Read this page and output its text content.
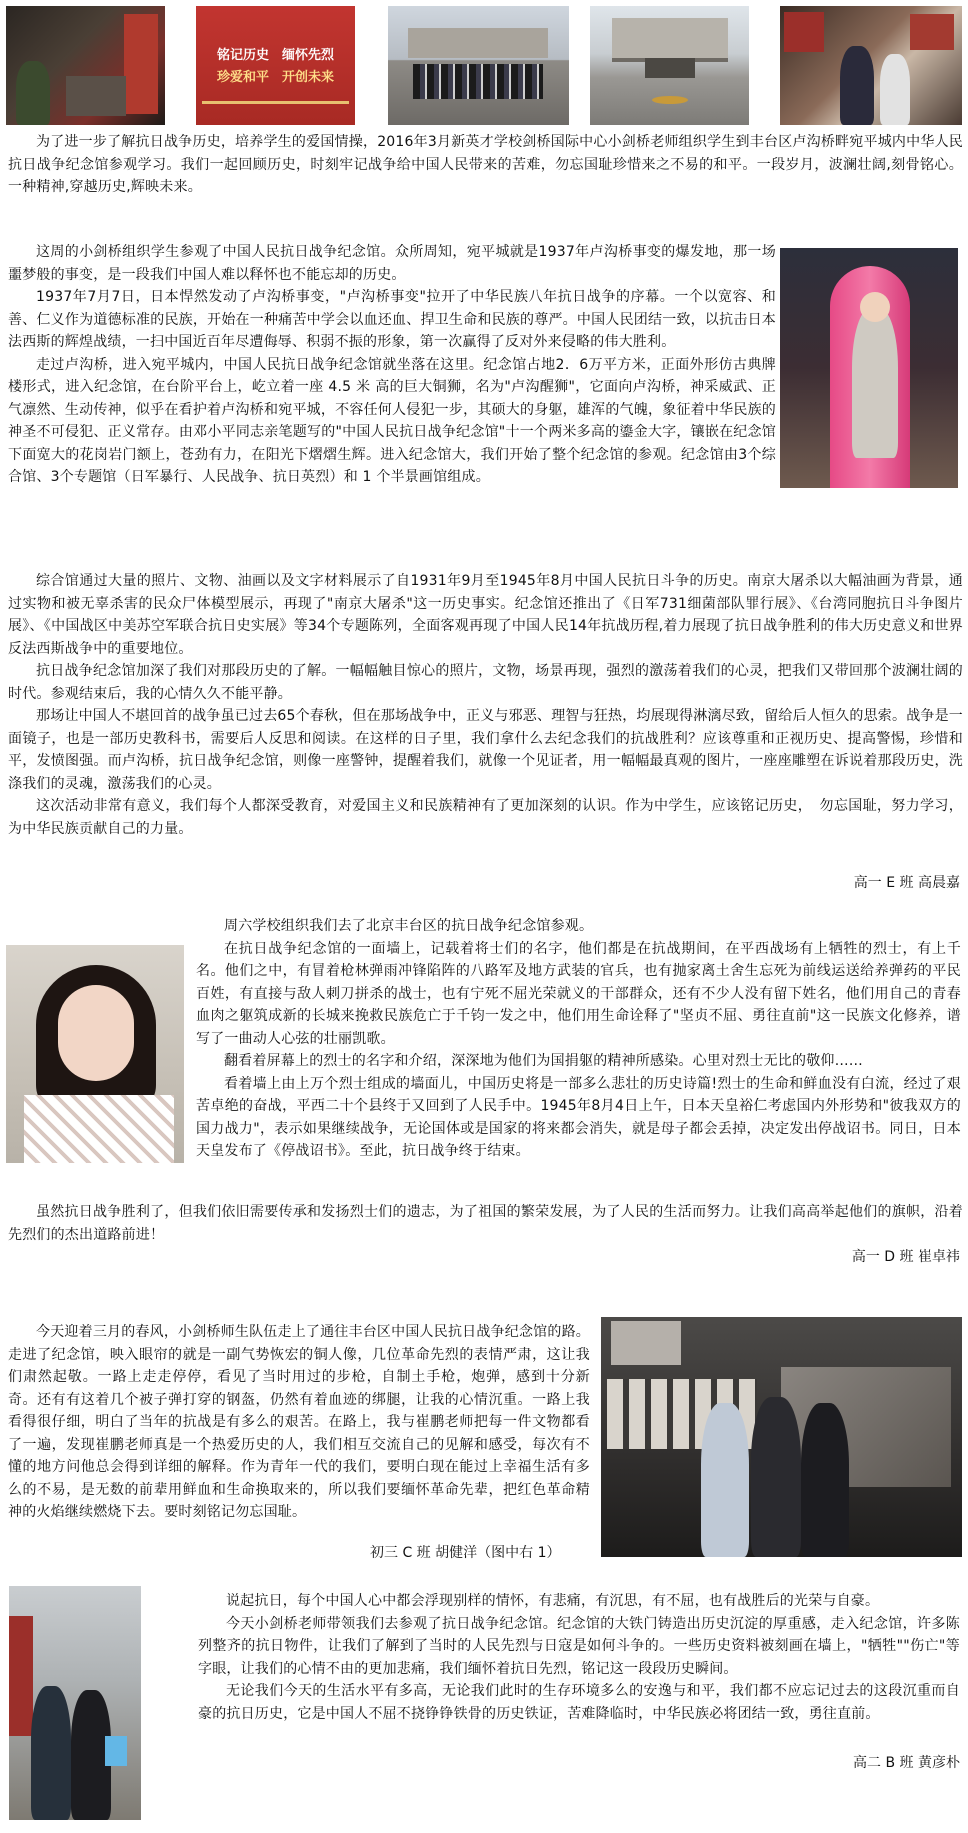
铭记历史　缅怀先烈
珍爱和平　开创未来

为了进一步了解抗日战争历史，培养学生的爱国情操，2016年3月新英才学校剑桥国际中心小剑桥老师组织学生到丰台区卢沟桥畔宛平城内中华人民抗日战争纪念馆参观学习。我们一起回顾历史，时刻牢记战争给中国人民带来的苦难，勿忘国耻珍惜来之不易的和平。一段岁月，波澜壮阔,刻骨铭心。 一种精神,穿越历史,辉映未来。

这周的小剑桥组织学生参观了中国人民抗日战争纪念馆。众所周知，宛平城就是1937年卢沟桥事变的爆发地，那一场噩梦般的事变，是一段我们中国人难以释怀也不能忘却的历史。

1937年7月7日，日本悍然发动了卢沟桥事变，"卢沟桥事变"拉开了中华民族八年抗日战争的序幕。一个以宽容、和善、仁义作为道德标准的民族，开始在一种痛苦中学会以血还血、捍卫生命和民族的尊严。中国人民团结一致，以抗击日本法西斯的辉煌战绩，一扫中国近百年尽遭侮辱、积弱不振的形象，第一次赢得了反对外来侵略的伟大胜利。

走过卢沟桥，进入宛平城内，中国人民抗日战争纪念馆就坐落在这里。纪念馆占地2．6万平方米，正面外形仿古典牌楼形式，进入纪念馆，在台阶平台上，屹立着一座 4.5 米 高的巨大铜狮，名为"卢沟醒狮"，它面向卢沟桥，神采威武、正气凛然、生动传神，似乎在看护着卢沟桥和宛平城，不容任何人侵犯一步，其硕大的身躯，雄浑的气魄，象征着中华民族的神圣不可侵犯、正义常存。由邓小平同志亲笔题写的"中国人民抗日战争纪念馆"十一个两米多高的鎏金大字，镶嵌在纪念馆下面宽大的花岗岩门额上，苍劲有力，在阳光下熠熠生辉。进入纪念馆大，我们开始了整个纪念馆的参观。纪念馆由3个综合馆、3个专题馆（日军暴行、人民战争、抗日英烈）和 1 个半景画馆组成。

综合馆通过大量的照片、文物、油画以及文字材料展示了自1931年9月至1945年8月中国人民抗日斗争的历史。南京大屠杀以大幅油画为背景，通过实物和被无辜杀害的民众尸体模型展示，再现了"南京大屠杀"这一历史事实。纪念馆还推出了《日军731细菌部队罪行展》、《台湾同胞抗日斗争图片展》、《中国战区中美苏空军联合抗日史实展》等34个专题陈列，全面客观再现了中国人民14年抗战历程,着力展现了抗日战争胜利的伟大历史意义和世界反法西斯战争中的重要地位。

抗日战争纪念馆加深了我们对那段历史的了解。一幅幅触目惊心的照片，文物，场景再现，强烈的激荡着我们的心灵，把我们又带回那个波澜壮阔的时代。参观结束后，我的心情久久不能平静。

那场让中国人不堪回首的战争虽已过去65个春秋，但在那场战争中，正义与邪恶、理智与狂热，均展现得淋漓尽致，留给后人恒久的思索。战争是一面镜子，也是一部历史教科书，需要后人反思和阅读。在这样的日子里，我们拿什么去纪念我们的抗战胜利？应该尊重和正视历史、提高警惕，珍惜和平，发愤图强。而卢沟桥，抗日战争纪念馆，则像一座警钟，提醒着我们，就像一个见证者，用一幅幅最真观的图片，一座座雕塑在诉说着那段历史，洗涤我们的灵魂，激荡我们的心灵。

这次活动非常有意义，我们每个人都深受教育，对爱国主义和民族精神有了更加深刻的认识。作为中学生，应该铭记历史，　勿忘国耻，努力学习，为中华民族贡献自己的力量。

高一 E 班 高晨嘉

周六学校组织我们去了北京丰台区的抗日战争纪念馆参观。

在抗日战争纪念馆的一面墙上，记载着将士们的名字，他们都是在抗战期间，在平西战场有上牺牲的烈士，有上千名。他们之中，有冒着枪林弹雨冲锋陷阵的八路军及地方武装的官兵，也有抛家离土舍生忘死为前线运送给养弹药的平民百姓，有直接与敌人刺刀拼杀的战士，也有宁死不屈光荣就义的干部群众，还有不少人没有留下姓名，他们用自己的青春血肉之躯筑成新的长城来挽救民族危亡于千钧一发之中，他们用生命诠释了"坚贞不屈、勇往直前"这一民族文化修养，谱写了一曲动人心弦的壮丽凯歌。

翻看着屏幕上的烈士的名字和介绍，深深地为他们为国捐躯的精神所感染。心里对烈士无比的敬仰……

看着墙上由上万个烈士组成的墙面儿，中国历史将是一部多么悲壮的历史诗篇!烈士的生命和鲜血没有白流，经过了艰苦卓绝的奋战，平西二十个县终于又回到了人民手中。1945年8月4日上午，日本天皇裕仁考虑国内外形势和"彼我双方的国力战力"，表示如果继续战争，无论国体或是国家的将来都会消失，就是母子都会丢掉，决定发出停战诏书。同日，日本天皇发布了《停战诏书》。至此，抗日战争终于结束。

虽然抗日战争胜利了，但我们依旧需要传承和发扬烈士们的遗志，为了祖国的繁荣发展，为了人民的生活而努力。让我们高高举起他们的旗帜，沿着先烈们的杰出道路前进！

高一 D 班 崔卓祎

今天迎着三月的春风，小剑桥师生队伍走上了通往丰台区中国人民抗日战争纪念馆的路。走进了纪念馆，映入眼帘的就是一副气势恢宏的铜人像，几位革命先烈的表情严肃，这让我们肃然起敬。一路上走走停停，看见了当时用过的步枪，自制土手枪，炮弹，感到十分新奇。还有有这着几个被子弹打穿的钢盔，仍然有着血迹的绑腿，让我的心情沉重。一路上我看得很仔细，明白了当年的抗战是有多么的艰苦。在路上，我与崔鹏老师把每一件文物都看了一遍，发现崔鹏老师真是一个热爱历史的人，我们相互交流自己的见解和感受，每次有不懂的地方问他总会得到详细的解释。作为青年一代的我们，要明白现在能过上幸福生活有多么的不易，是无数的前辈用鲜血和生命换取来的，所以我们要缅怀革命先辈，把红色革命精神的火焰继续燃烧下去。要时刻铭记勿忘国耻。

初三 C 班 胡健洋（图中右 1）

说起抗日，每个中国人心中都会浮现别样的情怀，有悲痛，有沉思，有不屈，也有战胜后的光荣与自豪。

今天小剑桥老师带领我们去参观了抗日战争纪念馆。纪念馆的大铁门铸造出历史沉淀的厚重感，走入纪念馆，许多陈列整齐的抗日物件，让我们了解到了当时的人民先烈与日寇是如何斗争的。一些历史资料被刻画在墙上，"牺牲""伤亡"等字眼，让我们的心情不由的更加悲痛，我们缅怀着抗日先烈，铭记这一段段历史瞬间。

无论我们今天的生活水平有多高，无论我们此时的生存环境多么的安逸与和平，我们都不应忘记过去的这段沉重而自豪的抗日历史，它是中国人不屈不挠铮铮铁骨的历史铁证，苦难降临时，中华民族必将团结一致，勇往直前。

高二 B 班 黄彦朴
